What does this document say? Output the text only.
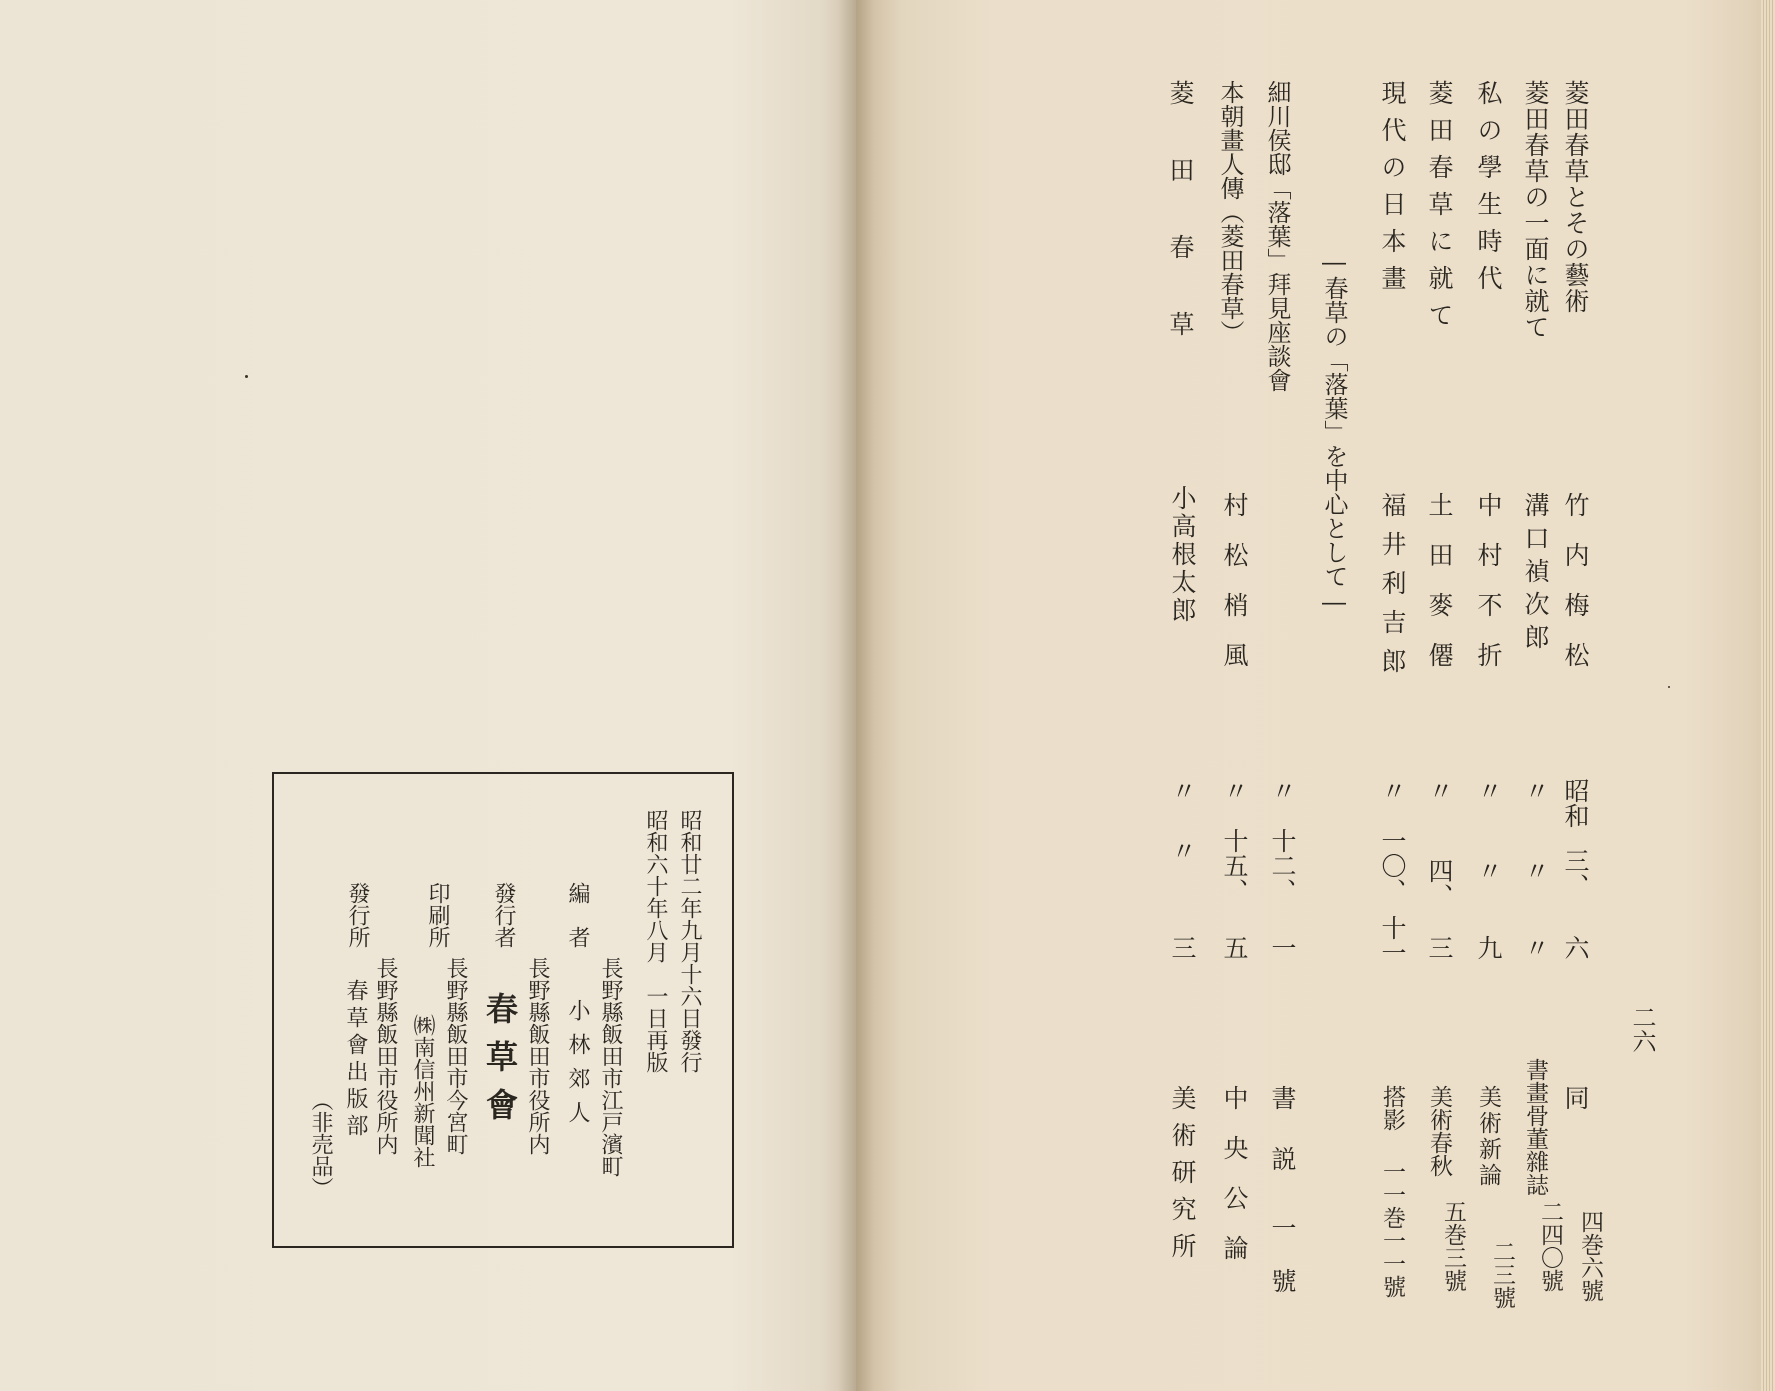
二六
菱田春草とその藝術
竹内梅松
昭和
三、
六
同
四巻六號
菱田春草の一面に就て
溝口禎次郎
〃
〃
〃
書畫骨董雜誌
二四〇號
私の學生時代
中村不折
〃
〃
九
美術新論
二三號
菱田春草に就て
土田麥僊
〃
四、
三
美術春秋
五巻三號
現代の日本畫
福井利吉郎
〃
一〇、
十一
搭影
一一巻一一號
―春草の「落葉」を中心として―
細川侯邸「落葉」拜見座談會
〃
十二、
一
書説
一號
本朝畫人傳（菱田春草）
村松梢風
〃
十五、
五
中央公論
菱田春草
小高根太郎
〃
〃
三
美術研究所
昭和廿二年九月十六日發行
昭和六十年八月　一日再版
長野縣飯田市江戸濱町
編　者
小林郊人
長野縣飯田市役所内
發行者
春草會
印刷所
長野縣飯田市今宮町
㈱南信州新聞社
發行所
長野縣飯田市役所内
春草會出版部
（非売品）
